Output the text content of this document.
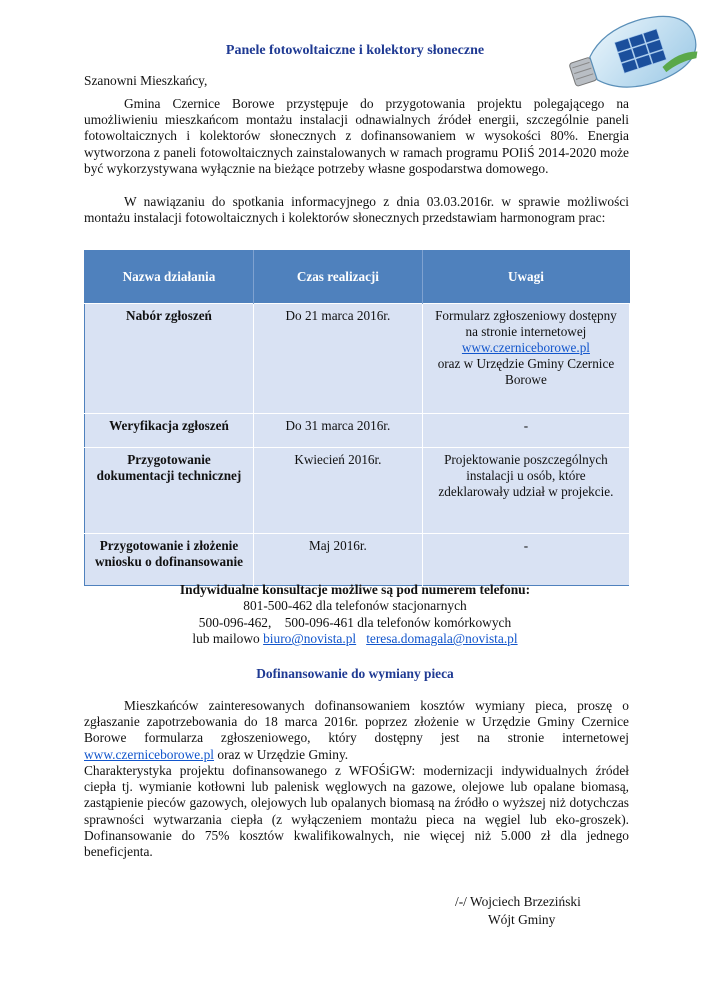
Panele fotowoltaiczne i kolektory słoneczne
Szanowni Mieszkańcy,
Gmina Czernice Borowe przystępuje do przygotowania projektu polegającego na umożliwieniu mieszkańcom montażu instalacji odnawialnych źródeł energii, szczególnie paneli fotowoltaicznych i kolektorów słonecznych z dofinansowaniem w wysokości 80%. Energia wytworzona z paneli fotowoltaicznych zainstalowanych w ramach programu POIiŚ 2014-2020 może być wykorzystywana wyłącznie na bieżące potrzeby własne gospodarstwa domowego.
W nawiązaniu do spotkania informacyjnego z dnia 03.03.2016r. w sprawie możliwości montażu instalacji fotowoltaicznych i kolektorów słonecznych przedstawiam harmonogram prac:
Nazwa działania	Czas realizacji	Uwagi
Nabór zgłoszeń	Do 21 marca 2016r.	Formularz zgłoszeniowy dostępny na stronie internetowej
www.czerniceborowe.pl
oraz w Urzędzie Gminy Czernice Borowe
Weryfikacja zgłoszeń	Do 31 marca 2016r.	-
Przygotowanie dokumentacji technicznej	Kwiecień 2016r.	Projektowanie poszczególnych instalacji u osób, które zdeklarowały udział w projekcie.
Przygotowanie i złożenie wniosku o dofinansowanie	Maj 2016r.	-
Indywidualne konsultacje możliwe są pod numerem telefonu:
801-500-462 dla telefonów stacjonarnych
500-096-462,    500-096-461 dla telefonów komórkowych
lub mailowo biuro@novista.pl teresa.domagala@novista.pl
Dofinansowanie do wymiany pieca
Mieszkańców zainteresowanych dofinansowaniem kosztów wymiany pieca, proszę o zgłaszanie zapotrzebowania do 18 marca 2016r. poprzez złożenie w Urzędzie Gminy Czernice Borowe formularza zgłoszeniowego, który dostępny jest na stronie internetowej www.czerniceborowe.pl oraz w Urzędzie Gminy.
Charakterystyka projektu dofinansowanego z WFOŚiGW: modernizacji indywidualnych źródeł ciepła tj. wymianie kotłowni lub palenisk węglowych na gazowe, olejowe lub opalane biomasą, zastąpienie pieców gazowych, olejowych lub opalanych biomasą na źródło o wyższej niż dotychczas sprawności wytwarzania ciepła (z wyłączeniem montażu pieca na węgiel lub eko-groszek). Dofinansowanie do 75% kosztów kwalifikowalnych, nie więcej niż 5.000 zł dla jednego beneficjenta.
/-/ Wojciech Brzeziński
Wójt Gminy
